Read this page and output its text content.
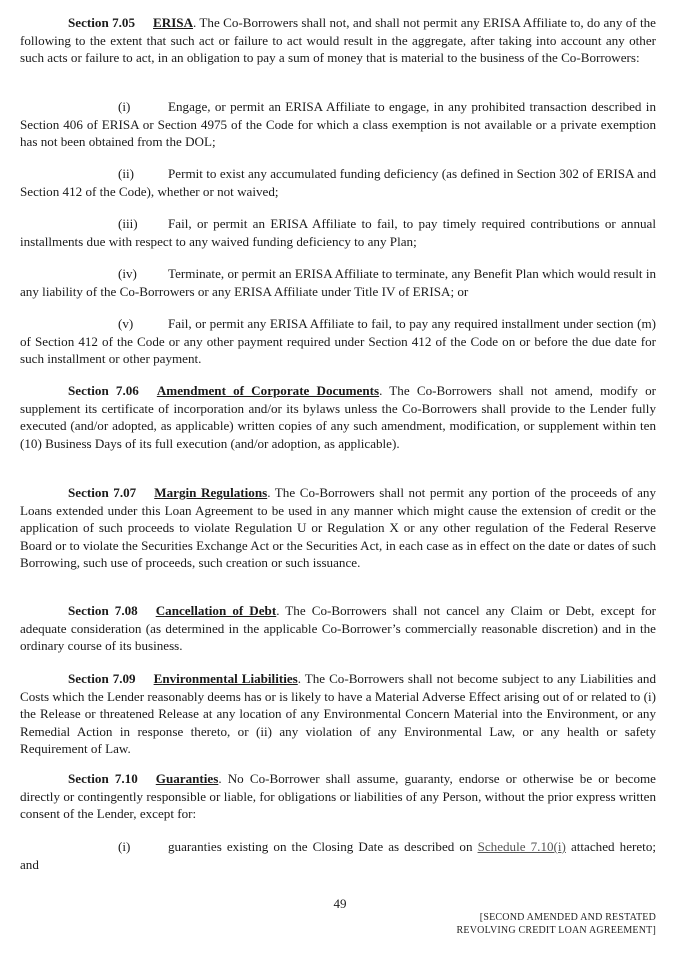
Section 7.05 ERISA. The Co-Borrowers shall not, and shall not permit any ERISA Affiliate to, do any of the following to the extent that such act or failure to act would result in the aggregate, after taking into account any other such acts or failure to act, in an obligation to pay a sum of money that is material to the business of the Co-Borrowers:

(i)	Engage, or permit an ERISA Affiliate to engage, in any prohibited transaction described in Section 406 of ERISA or Section 4975 of the Code for which a class exemption is not available or a private exemption has not been obtained from the DOL;

(ii)	Permit to exist any accumulated funding deficiency (as defined in Section 302 of ERISA and Section 412 of the Code), whether or not waived;

(iii) Fail, or permit an ERISA Affiliate to fail, to pay timely required contributions or annual installments due with respect to any waived funding deficiency to any Plan;

(iv) Terminate, or permit an ERISA Affiliate to terminate, any Benefit Plan which would result in any liability of the Co-Borrowers or any ERISA Affiliate under Title IV of ERISA; or

(v)	Fail, or permit any ERISA Affiliate to fail, to pay any required installment under section (m) of Section 412 of the Code or any other payment required under Section 412 of the Code on or before the due date for such installment or other payment.

Section 7.06 Amendment of Corporate Documents. The Co-Borrowers shall not amend, modify or supplement its certificate of incorporation and/or its bylaws unless the Co-Borrowers shall provide to the Lender fully executed (and/or adopted, as applicable) written copies of any such amendment, modification, or supplement within ten (10) Business Days of its full execution (and/or adoption, as applicable).

Section 7.07 Margin Regulations. The Co-Borrowers shall not permit any portion of the proceeds of any Loans extended under this Loan Agreement to be used in any manner which might cause the extension of credit or the application of such proceeds to violate Regulation U or Regulation X or any other regulation of the Federal Reserve Board or to violate the Securities Exchange Act or the Securities Act, in each case as in effect on the date or dates of such Borrowing, such use of proceeds, such creation or such issuance.

Section 7.08 Cancellation of Debt. The Co-Borrowers shall not cancel any Claim or Debt, except for adequate consideration (as determined in the applicable Co-Borrower’s commercially reasonable discretion) and in the ordinary course of its business.

Section 7.09 Environmental Liabilities. The Co-Borrowers shall not become subject to any Liabilities and Costs which the Lender reasonably deems has or is likely to have a Material Adverse Effect arising out of or related to (i) the Release or threatened Release at any location of any Environmental Concern Material into the Environment, or any Remedial Action in response thereto, or (ii) any violation of any Environmental Law, or any health or safety Requirement of Law.

Section 7.10 Guaranties. No Co-Borrower shall assume, guaranty, endorse or otherwise be or become directly or contingently responsible or liable, for obligations or liabilities of any Person, without the prior express written consent of the Lender, except for:

(i)	guaranties existing on the Closing Date as described on Schedule 7.10(i) attached hereto; and

49
[SECOND AMENDED AND RESTATED
REVOLVING CREDIT LOAN AGREEMENT]
